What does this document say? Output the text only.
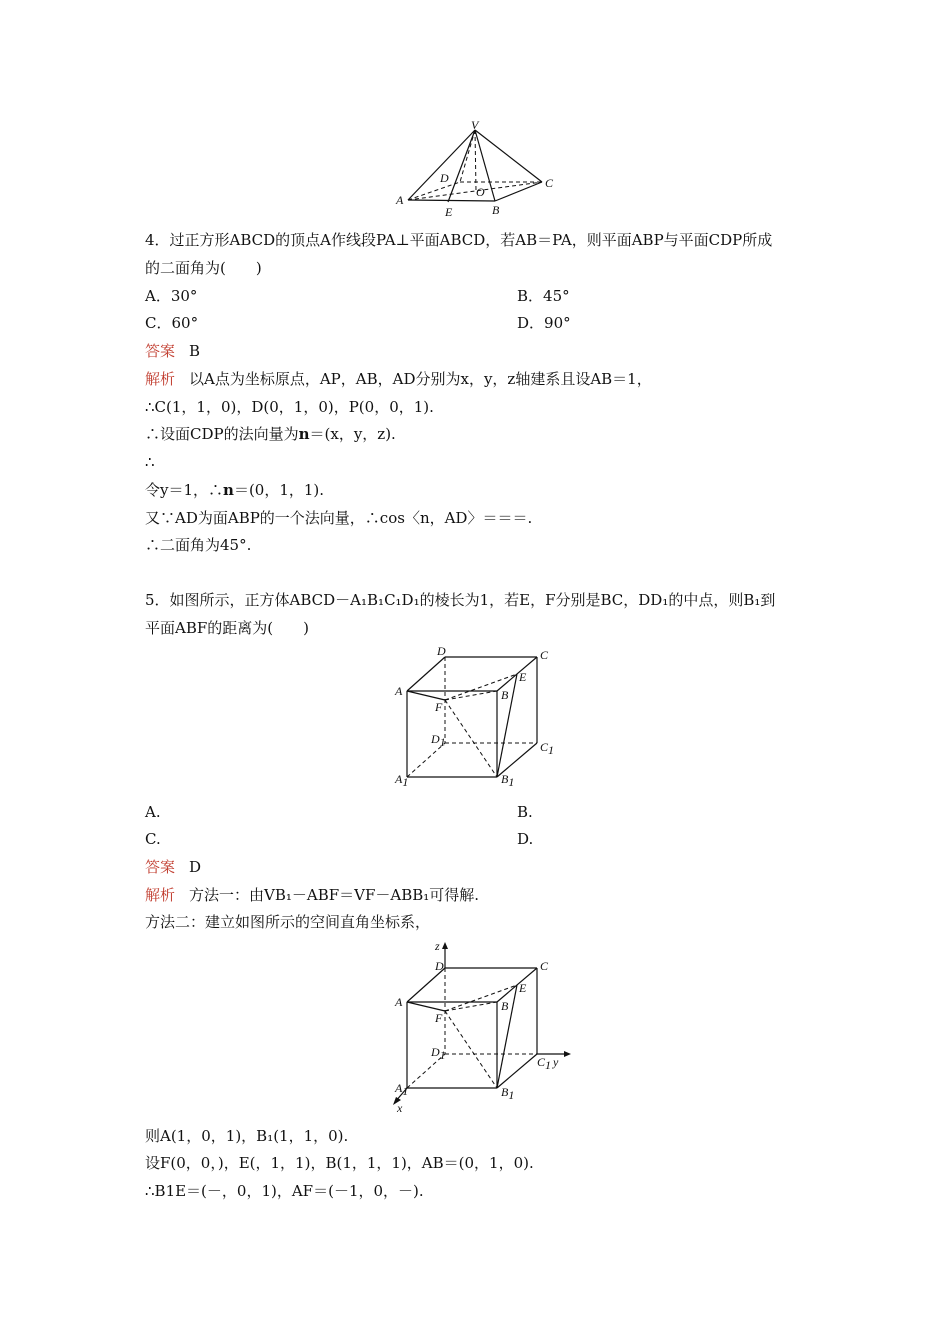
V
A
B
C
D
E
O
4．过正方形ABCD的顶点A作线段PA⊥平面ABCD，若AB＝PA，则平面ABP与平面CDP所成
的二面角为(　　)
A．30°	B．45°
C．60°	D．90°
答案 B
解析 以A点为坐标原点，AP，AB，AD分别为x，y，z轴建系且设AB＝1，
∴C(1，1，0)，D(0，1，0)，P(0，0，1).
∴设面CDP的法向量为n＝(x，y，z).
∴
令y＝1，∴n＝(0，1，1).
又∵AD为面ABP的一个法向量，∴cos〈n，AD〉＝＝＝.
∴二面角为45°.
5．如图所示，正方体ABCD－A₁B₁C₁D₁的棱长为1，若E，F分别是BC，DD₁的中点，则B₁到
平面ABF的距离为(　　)
A	B
C
D
E
F
A1	B1
C1
D1
A.	B.
C.	D.
答案 D
解析 方法一：由VB₁－ABF＝VF－ABB₁可得解.
方法二：建立如图所示的空间直角坐标系，
z
y
x
A	B
C
D
E
F
A1	B1
C1
D1
则A(1，0，1)，B₁(1，1，0).
设F(0，0，)，E(，1，1)，B(1，1，1)，AB＝(0，1，0).
∴B1E＝(－，0，1)，AF＝(－1，0，－).
